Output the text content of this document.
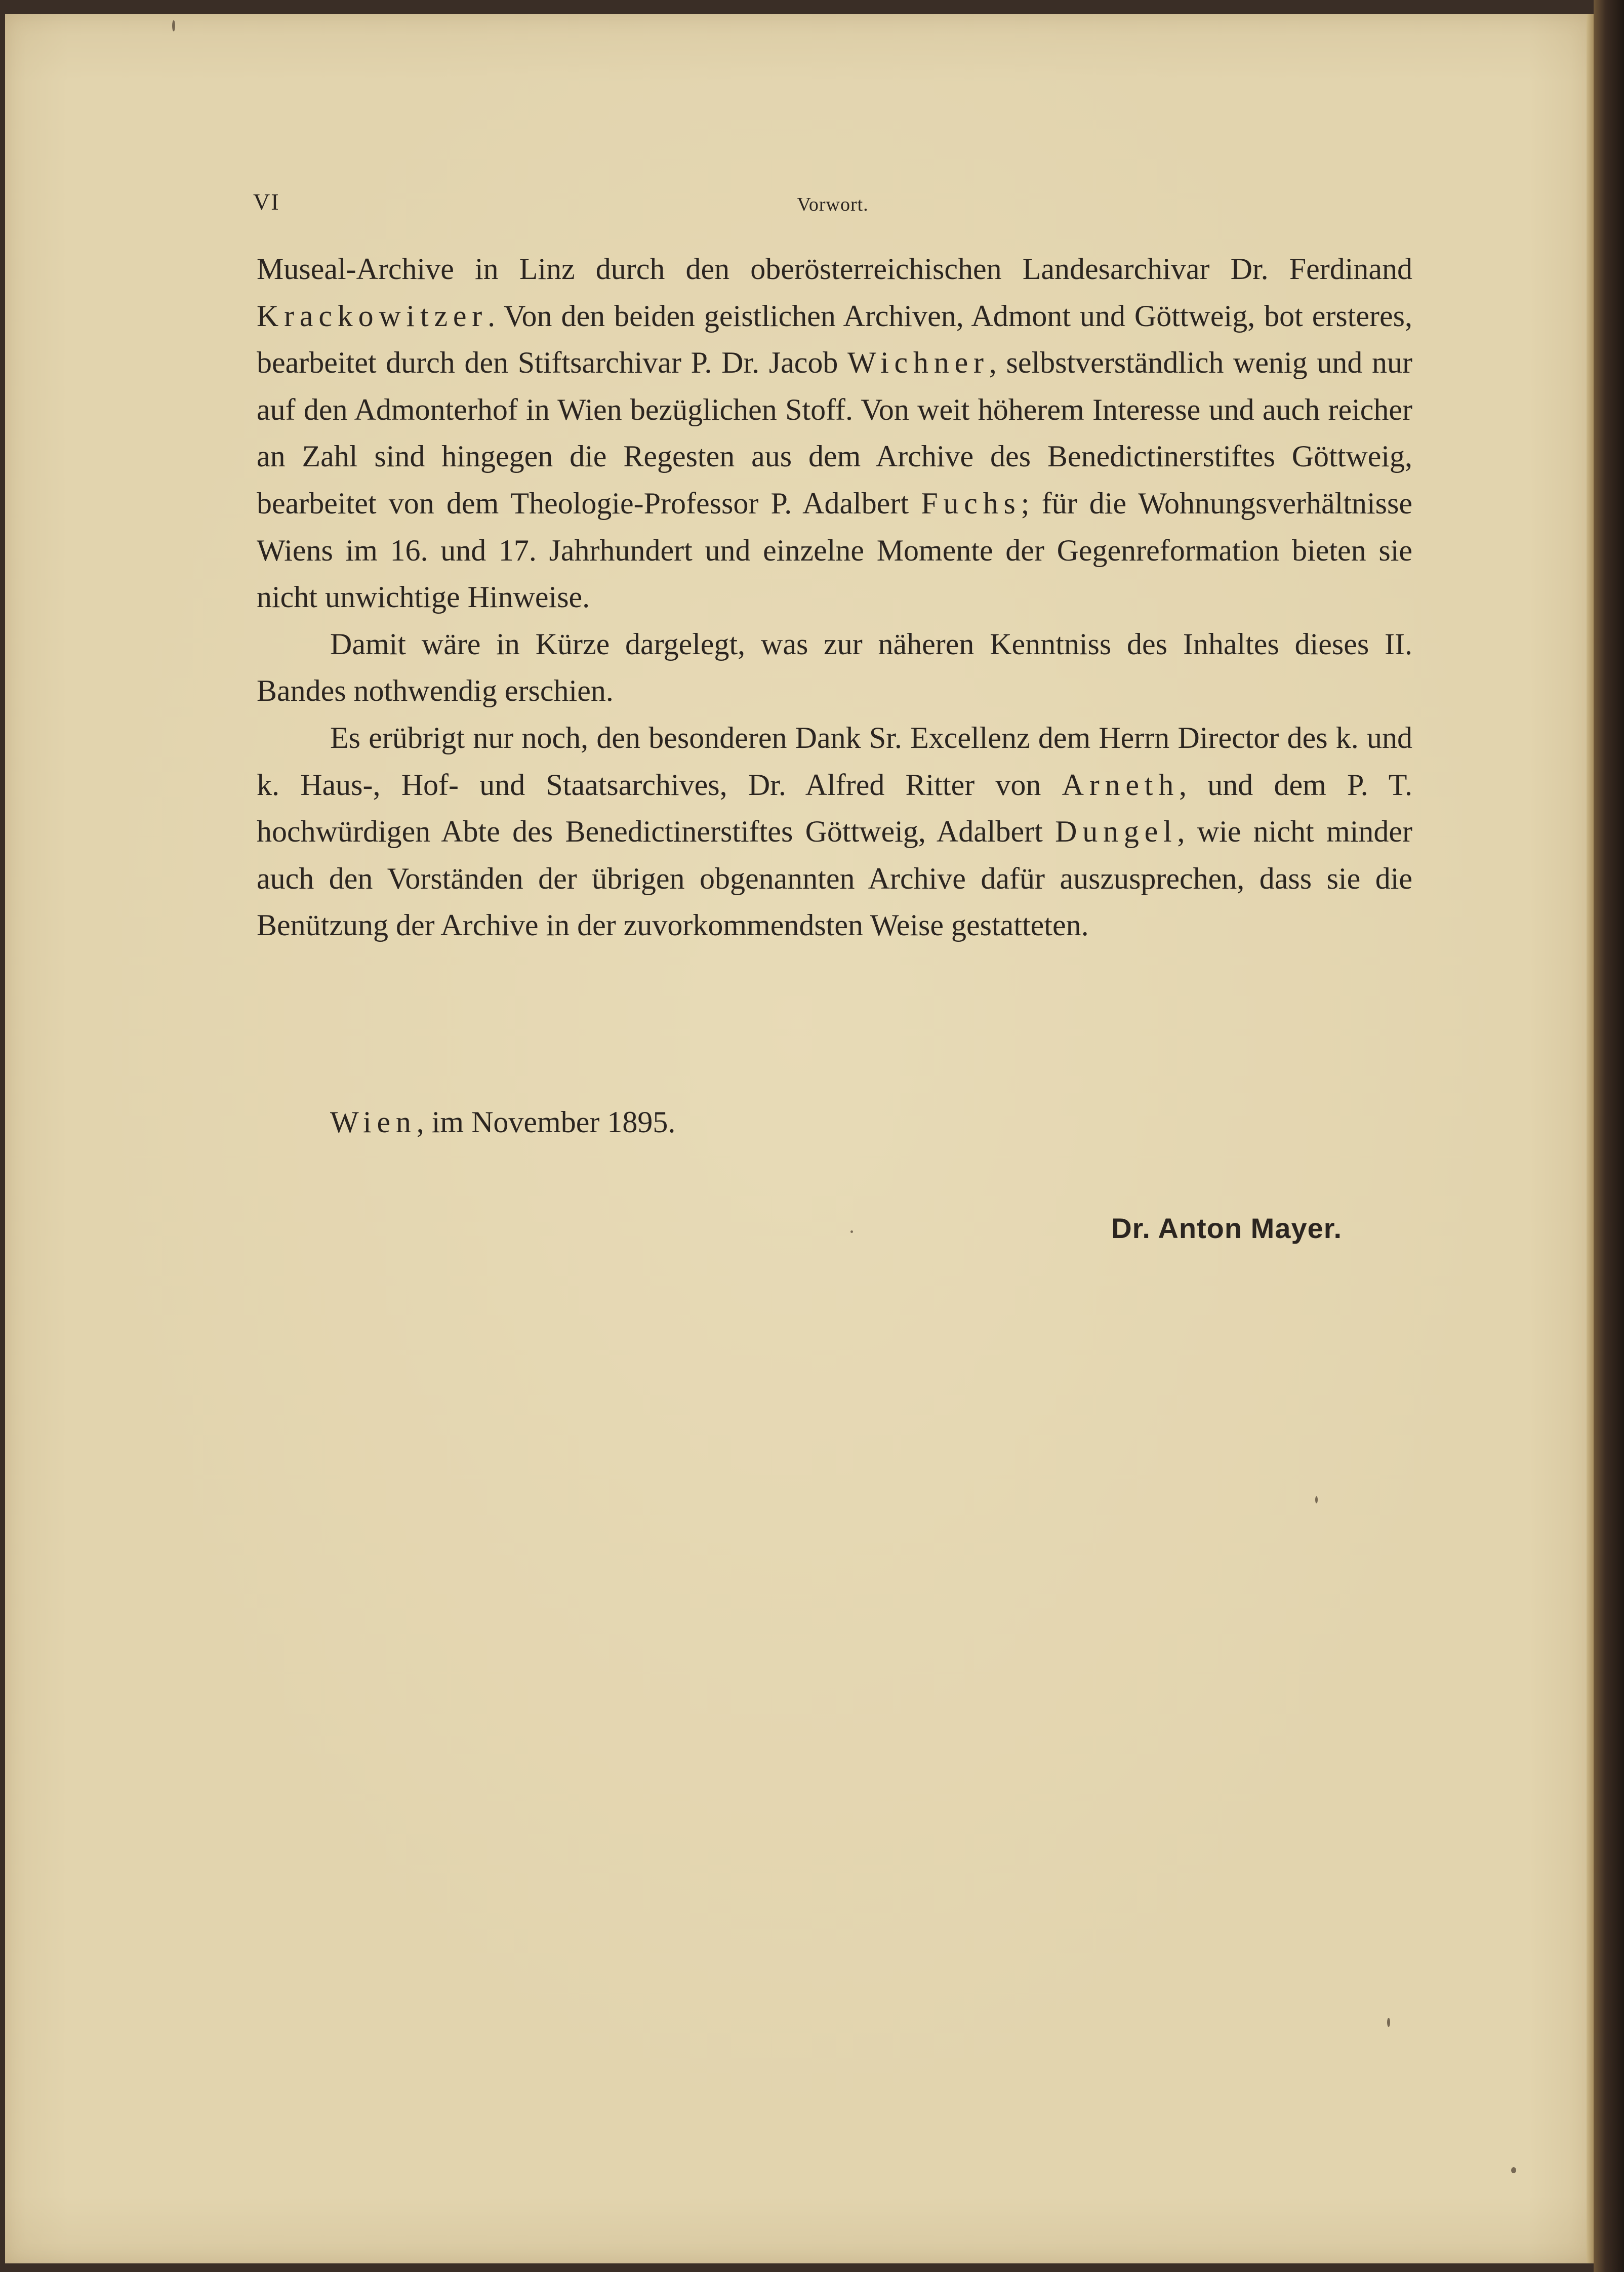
VI	Vorwort.

Museal-Archive in Linz durch den oberösterreichischen Landesarchivar Dr. Ferdinand Krackowitzer. Von den beiden geistlichen Archiven, Admont und Göttweig, bot ersteres, bearbeitet durch den Stiftsarchivar P. Dr. Jacob Wichner, selbstverständlich wenig und nur auf den Admonterhof in Wien bezüglichen Stoff. Von weit höherem Interesse und auch reicher an Zahl sind hingegen die Regesten aus dem Archive des Benedictinerstiftes Göttweig, bearbeitet von dem Theologie-Professor P. Adalbert Fuchs; für die Wohnungsverhältnisse Wiens im 16. und 17. Jahrhundert und einzelne Momente der Gegenreformation bieten sie nicht unwichtige Hinweise.

Damit wäre in Kürze dargelegt, was zur näheren Kenntniss des Inhaltes dieses II. Bandes nothwendig erschien.

Es erübrigt nur noch, den besonderen Dank Sr. Excellenz dem Herrn Director des k. und k. Haus-, Hof- und Staatsarchives, Dr. Alfred Ritter von Arneth, und dem P. T. hochwürdigen Abte des Benedictinerstiftes Göttweig, Adalbert Dungel, wie nicht minder auch den Vorständen der übrigen obgenannten Archive dafür auszusprechen, dass sie die Benützung der Archive in der zuvorkommendsten Weise gestatteten.

Wien, im November 1895.
Dr. Anton Mayer.
